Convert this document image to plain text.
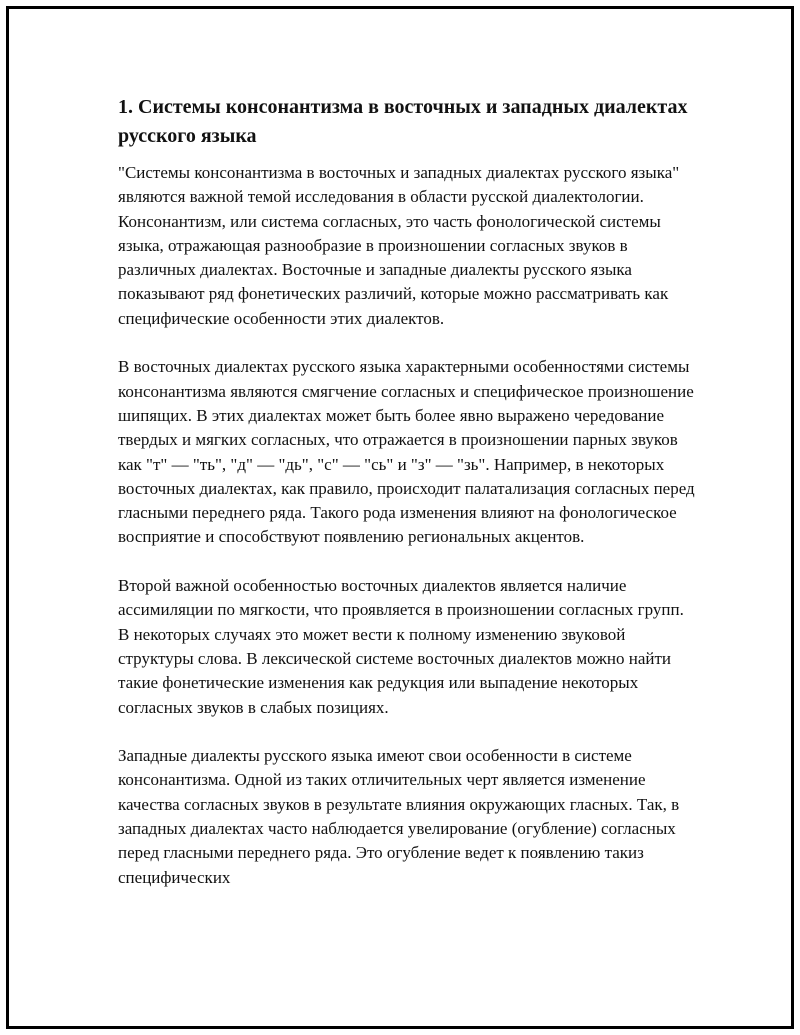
1. Системы консонантизма в восточных и западных диалектах русского языка

"Системы консонантизма в восточных и западных диалектах русского языка" являются важной темой исследования в области русской диалектологии. Консонантизм, или система согласных, это часть фонологической системы языка, отражающая разнообразие в произношении согласных звуков в различных диалектах. Восточные и западные диалекты русского языка показывают ряд фонетических различий, которые можно рассматривать как специфические особенности этих диалектов.

В восточных диалектах русского языка характерными особенностями системы консонантизма являются смягчение согласных и специфическое произношение шипящих. В этих диалектах может быть более явно выражено чередование твердых и мягких согласных, что отражается в произношении парных звуков как "т" — "ть", "д" — "дь", "с" — "сь" и "з" — "зь". Например, в некоторых восточных диалектах, как правило, происходит палатализация согласных перед гласными переднего ряда. Такого рода изменения влияют на фонологическое восприятие и способствуют появлению региональных акцентов.

Второй важной особенностью восточных диалектов является наличие ассимиляции по мягкости, что проявляется в произношении согласных групп. В некоторых случаях это может вести к полному изменению звуковой структуры слова. В лексической системе восточных диалектов можно найти такие фонетические изменения как редукция или выпадение некоторых согласных звуков в слабых позициях.

Западные диалекты русского языка имеют свои особенности в системе консонантизма. Одной из таких отличительных черт является изменение качества согласных звуков в результате влияния окружающих гласных. Так, в западных диалектах часто наблюдается увелирование (огубление) согласных перед гласными переднего ряда. Это огубление ведет к появлению такиз специфических
